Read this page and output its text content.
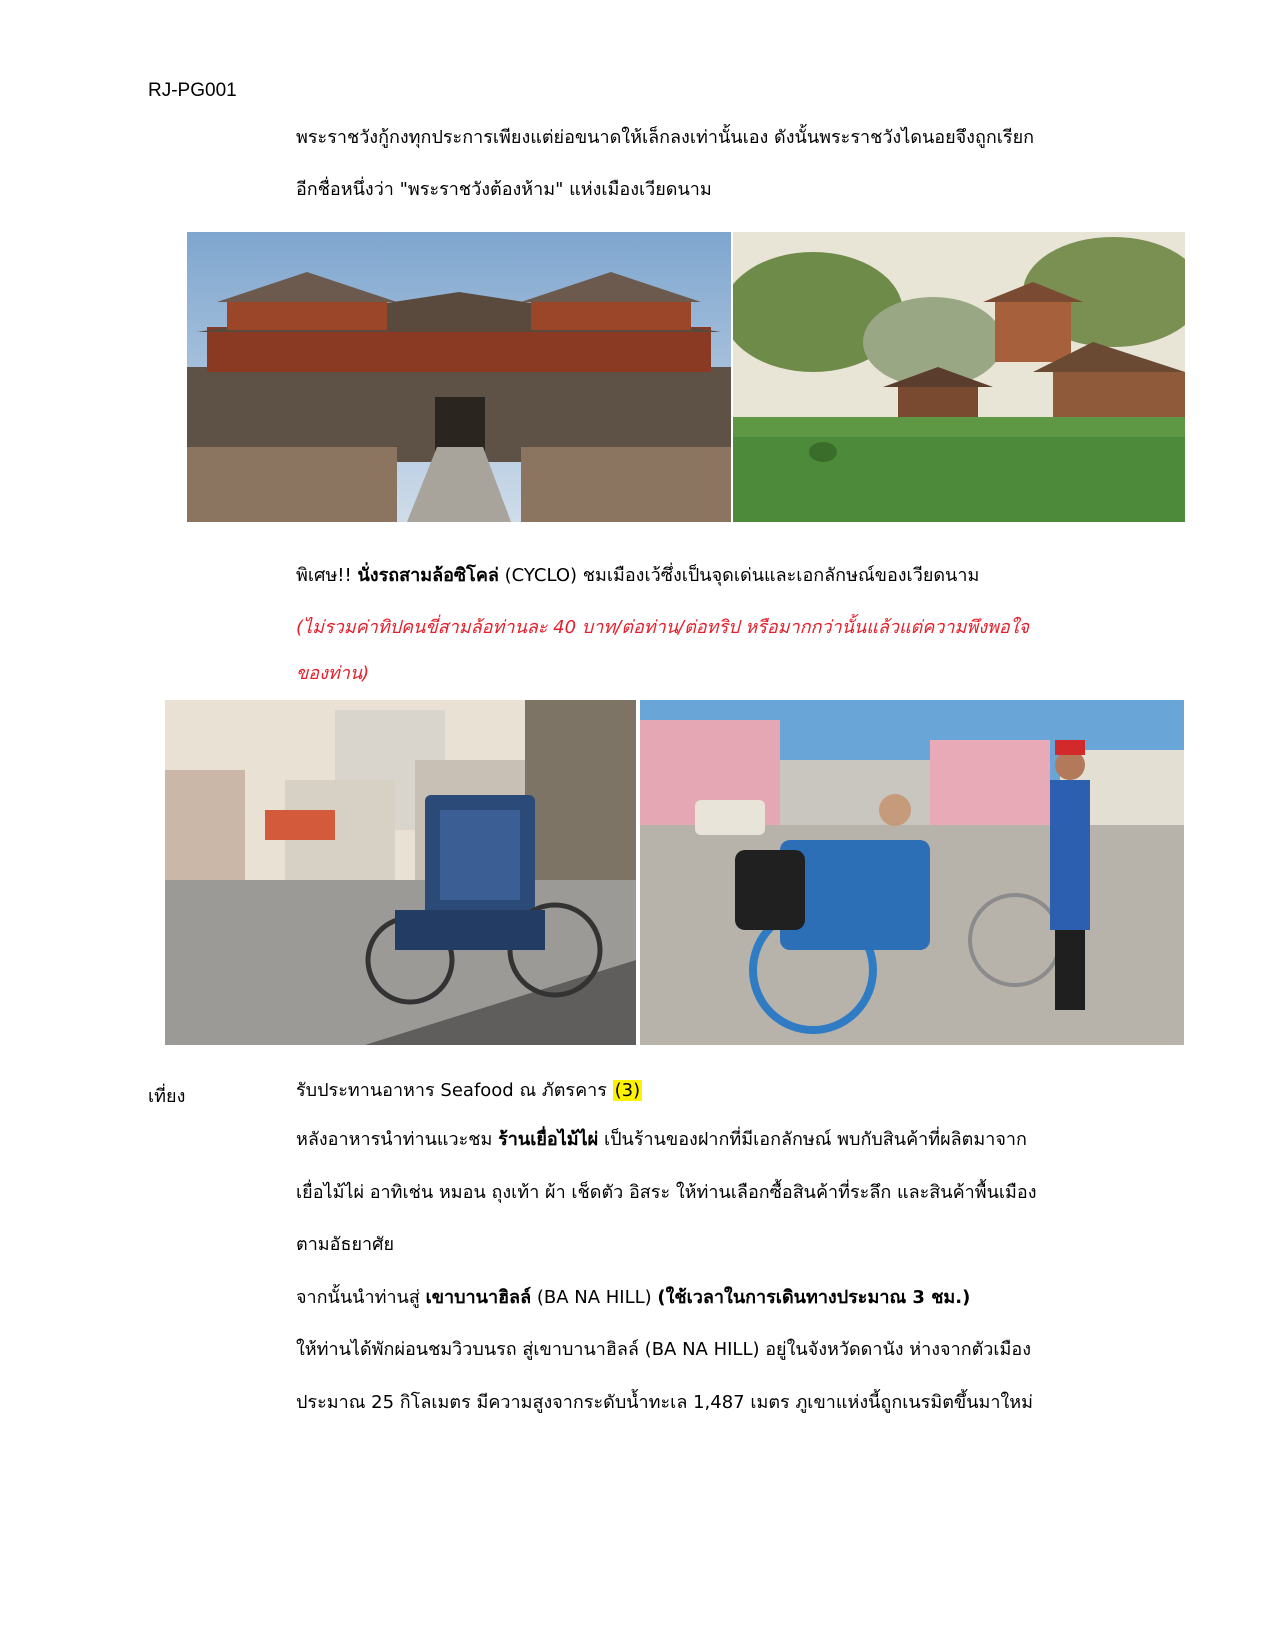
RJ-PG001
พระราชวังกู้กงทุกประการเพียงแต่ย่อขนาดให้เล็กลงเท่านั้นเอง ดังนั้นพระราชวังไดนอยจึงถูกเรียก
อีกชื่อหนึ่งว่า "พระราชวังต้องห้าม" แห่งเมืองเวียดนาม
พิเศษ!! นั่งรถสามล้อซิโคล่ (CYCLO) ชมเมืองเว้ซึ่งเป็นจุดเด่นและเอกลักษณ์ของเวียดนาม
(ไม่รวมค่าทิปคนขี่สามล้อท่านละ 40 บาท/ต่อท่าน/ต่อทริป หรือมากกว่านั้นแล้วแต่ความพึงพอใจ
ของท่าน)
เที่ยง	รับประทานอาหาร Seafood ณ ภัตรคาร (3)
หลังอาหารนำท่านแวะชม ร้านเยื่อไม้ไผ่ เป็นร้านของฝากที่มีเอกลักษณ์ พบกับสินค้าที่ผลิตมาจาก
เยื่อไม้ไผ่ อาทิเช่น หมอน ถุงเท้า ผ้า เช็ดตัว อิสระ ให้ท่านเลือกซื้อสินค้าที่ระลึก และสินค้าพื้นเมือง
ตามอัธยาศัย
จากนั้นนำท่านสู่ เขาบานาฮิลล์ (BA NA HILL) (ใช้เวลาในการเดินทางประมาณ 3 ชม.)
ให้ท่านได้พักผ่อนชมวิวบนรถ สู่เขาบานาฮิลล์ (BA NA HILL) อยู่ในจังหวัดดานัง ห่างจากตัวเมือง
ประมาณ 25 กิโลเมตร มีความสูงจากระดับน้ำทะเล 1,487 เมตร ภูเขาแห่งนี้ถูกเนรมิตขึ้นมาใหม่
